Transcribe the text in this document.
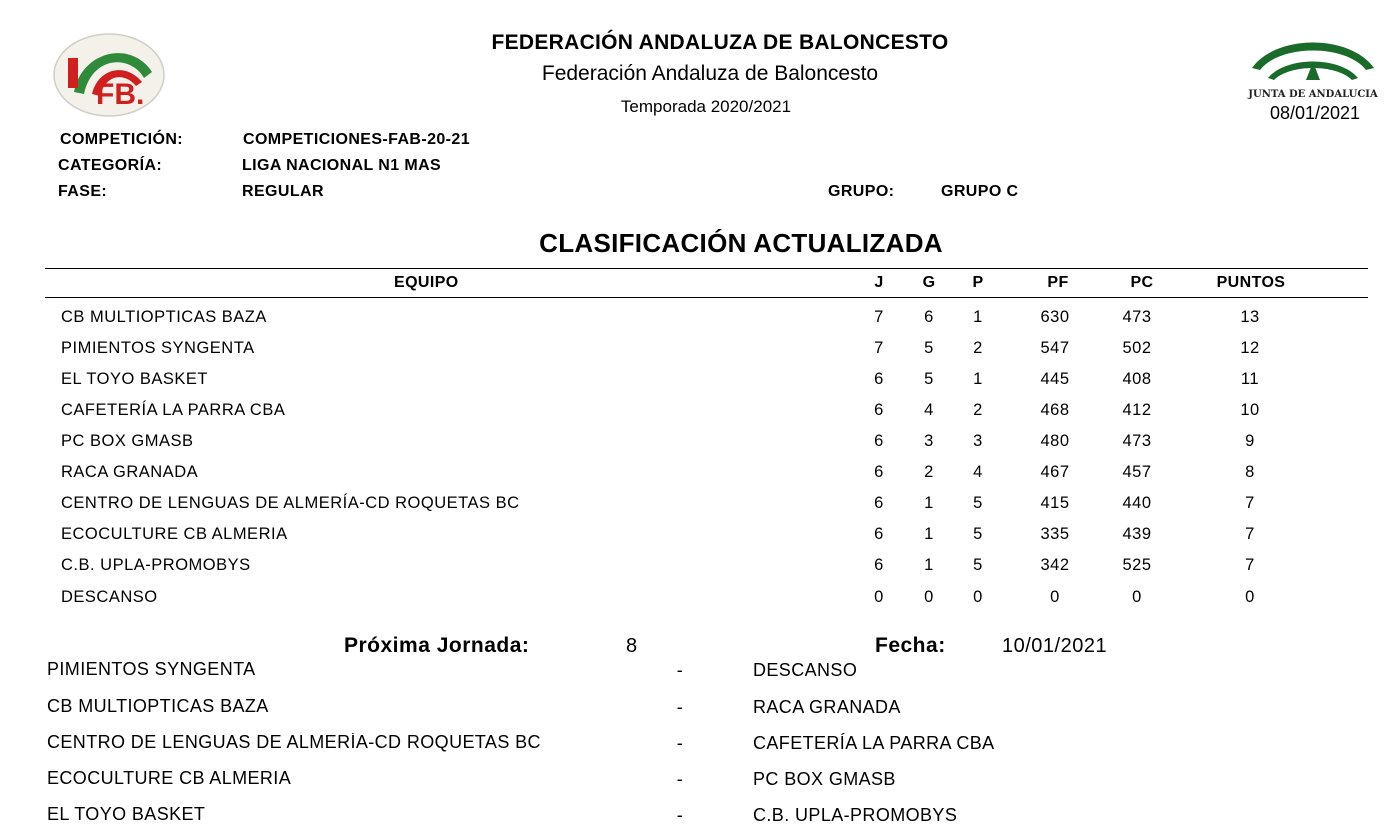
FB.	JUNTA DE ANDALUCIA
FEDERACIÓN ANDALUZA DE BALONCESTO
Federación Andaluza de Baloncesto
Temporada 2020/2021	08/01/2021
COMPETICIÓN:	COMPETICIONES-FAB-20-21
CATEGORÍA:	LIGA NACIONAL N1 MAS
FASE:	REGULAR	GRUPO:	GRUPO C
CLASIFICACIÓN ACTUALIZADA
EQUIPO	J	G	P	PF	PC	PUNTOS
CB MULTIOPTICAS BAZA	7	6	1	630	473	13
PIMIENTOS SYNGENTA	7	5	2	547	502	12
EL TOYO BASKET	6	5	1	445	408	11
CAFETERÍA LA PARRA CBA	6	4	2	468	412	10
PC BOX GMASB	6	3	3	480	473	9
RACA GRANADA	6	2	4	467	457	8
CENTRO DE LENGUAS DE ALMERÍA-CD ROQUETAS BC	6	1	5	415	440	7
ECOCULTURE CB ALMERIA	6	1	5	335	439	7
C.B. UPLA-PROMOBYS	6	1	5	342	525	7
DESCANSO	0	0	0	0	0	0
Próxima Jornada:	8	Fecha:	10/01/2021
PIMIENTOS SYNGENTA	-	DESCANSO
CB MULTIOPTICAS BAZA	-	RACA GRANADA
CENTRO DE LENGUAS DE ALMERÍA-CD ROQUETAS BC	-	CAFETERÍA LA PARRA CBA
ECOCULTURE CB ALMERIA	-	PC BOX GMASB
EL TOYO BASKET	-	C.B. UPLA-PROMOBYS
